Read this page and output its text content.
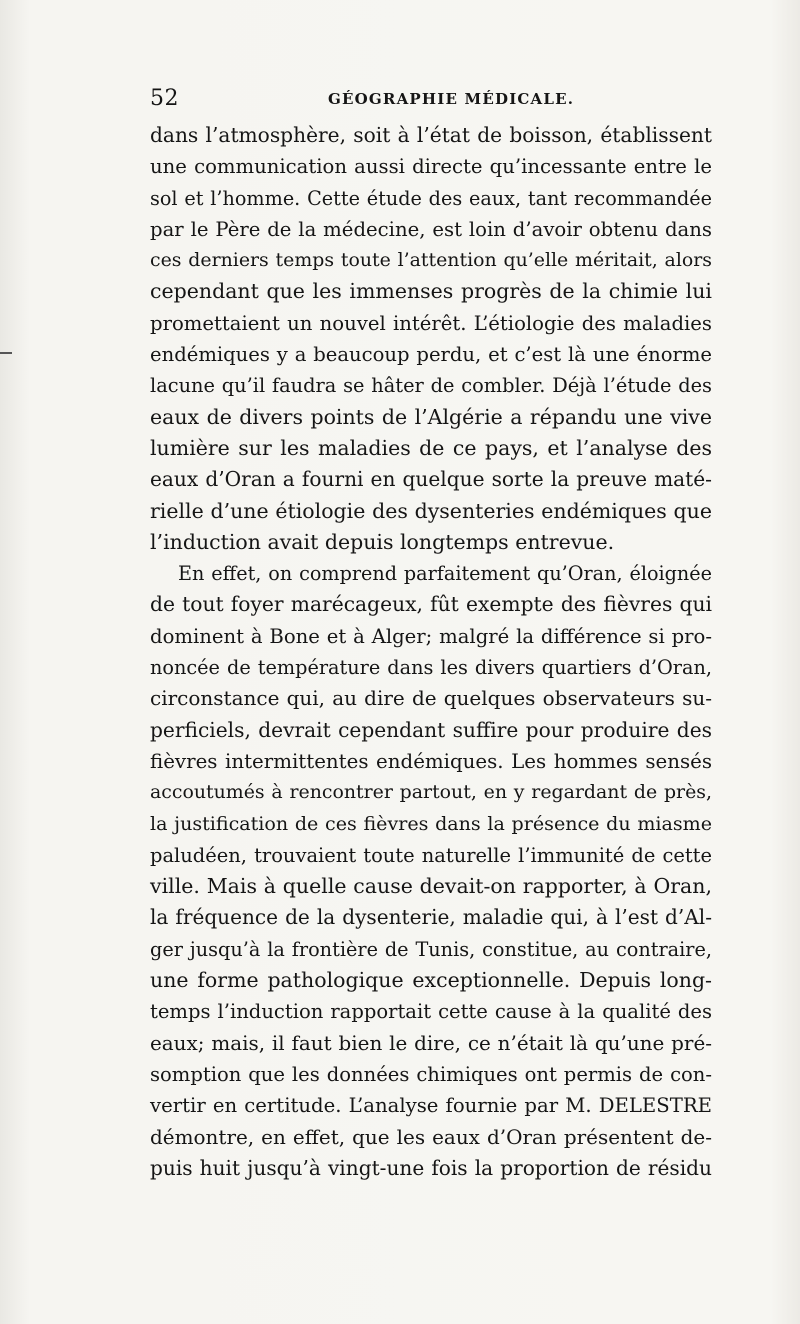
52	GÉOGRAPHIE MÉDICALE.
dans l’atmosphère, soit à l’état de boisson, établissent
une communication aussi directe qu’incessante entre le
sol et l’homme. Cette étude des eaux, tant recommandée
par le Père de la médecine, est loin d’avoir obtenu dans
ces derniers temps toute l’attention qu’elle méritait, alors
cependant que les immenses progrès de la chimie lui
promettaient un nouvel intérêt. L’étiologie des maladies
endémiques y a beaucoup perdu, et c’est là une énorme
lacune qu’il faudra se hâter de combler. Déjà l’étude des
eaux de divers points de l’Algérie a répandu une vive
lumière sur les maladies de ce pays, et l’analyse des
eaux d’Oran a fourni en quelque sorte la preuve maté-
rielle d’une étiologie des dysenteries endémiques que
l’induction avait depuis longtemps entrevue.
En effet, on comprend parfaitement qu’Oran, éloignée
de tout foyer marécageux, fût exempte des fièvres qui
dominent à Bone et à Alger; malgré la différence si pro-
noncée de température dans les divers quartiers d’Oran,
circonstance qui, au dire de quelques observateurs su-
perficiels, devrait cependant suffire pour produire des
fièvres intermittentes endémiques. Les hommes sensés
accoutumés à rencontrer partout, en y regardant de près,
la justification de ces fièvres dans la présence du miasme
paludéen, trouvaient toute naturelle l’immunité de cette
ville. Mais à quelle cause devait-on rapporter, à Oran,
la fréquence de la dysenterie, maladie qui, à l’est d’Al-
ger jusqu’à la frontière de Tunis, constitue, au contraire,
une forme pathologique exceptionnelle. Depuis long-
temps l’induction rapportait cette cause à la qualité des
eaux; mais, il faut bien le dire, ce n’était là qu’une pré-
somption que les données chimiques ont permis de con-
vertir en certitude. L’analyse fournie par M. DELESTRE
démontre, en effet, que les eaux d’Oran présentent de-
puis huit jusqu’à vingt-une fois la proportion de résidu
